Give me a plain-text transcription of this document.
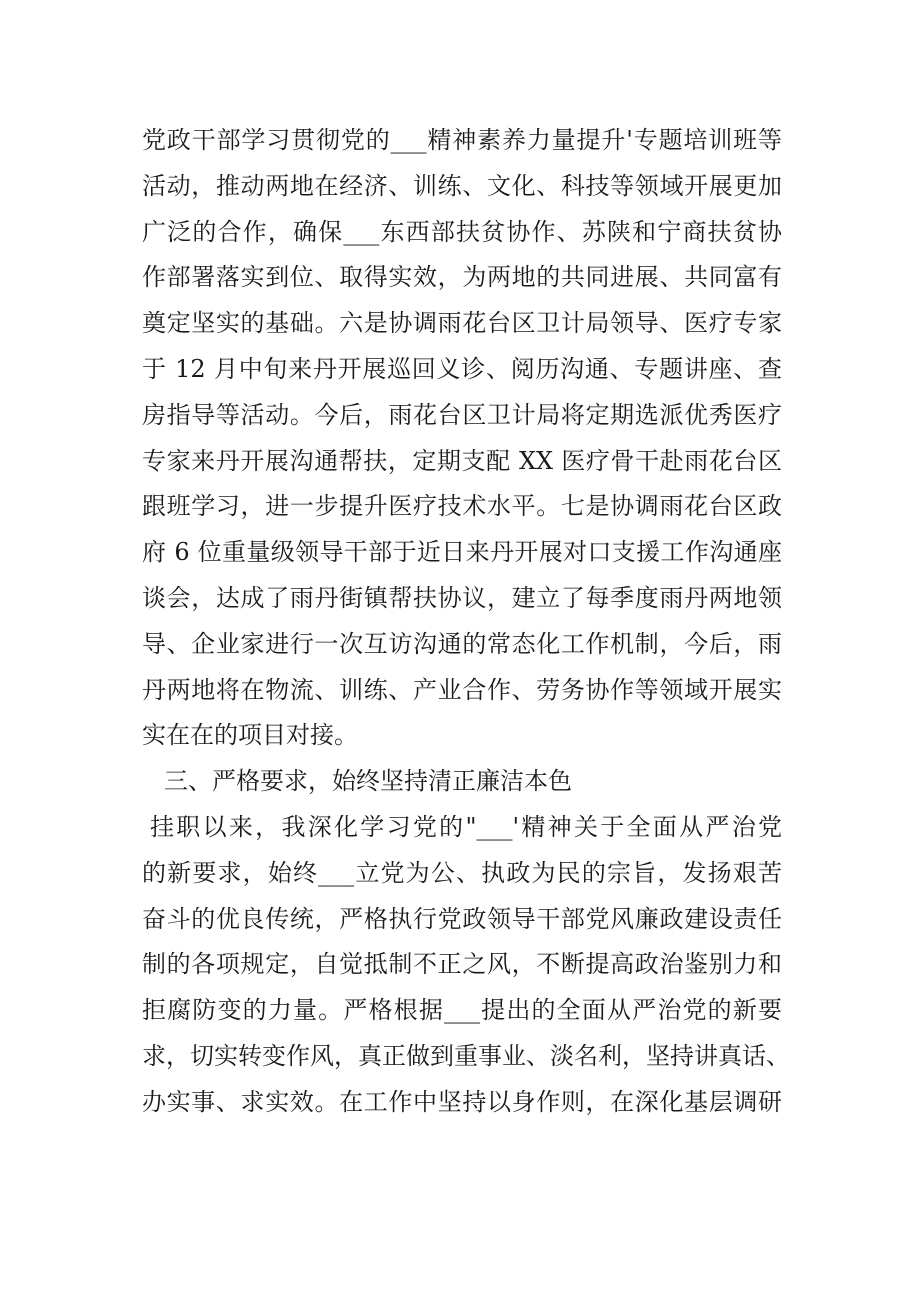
党政干部学习贯彻党的___精神素养力量提升'专题培训班等
活动，推动两地在经济、训练、文化、科技等领域开展更加
广泛的合作，确保___东西部扶贫协作、苏陕和宁商扶贫协
作部署落实到位、取得实效，为两地的共同进展、共同富有
奠定坚实的基础。六是协调雨花台区卫计局领导、医疗专家
于 12 月中旬来丹开展巡回义诊、阅历沟通、专题讲座、查
房指导等活动。今后，雨花台区卫计局将定期选派优秀医疗
专家来丹开展沟通帮扶，定期支配 XX 医疗骨干赴雨花台区
跟班学习，进一步提升医疗技术水平。七是协调雨花台区政
府 6 位重量级领导干部于近日来丹开展对口支援工作沟通座
谈会，达成了雨丹街镇帮扶协议，建立了每季度雨丹两地领
导、企业家进行一次互访沟通的常态化工作机制，今后，雨
丹两地将在物流、训练、产业合作、劳务协作等领域开展实
实在在的项目对接。
三、严格要求，始终坚持清正廉洁本色
挂职以来，我深化学习党的"___'精神关于全面从严治党
的新要求，始终___立党为公、执政为民的宗旨，发扬艰苦
奋斗的优良传统，严格执行党政领导干部党风廉政建设责任
制的各项规定，自觉抵制不正之风，不断提高政治鉴别力和
拒腐防变的力量。严格根据___提出的全面从严治党的新要
求，切实转变作风，真正做到重事业、淡名利，坚持讲真话、
办实事、求实效。在工作中坚持以身作则，在深化基层调研
